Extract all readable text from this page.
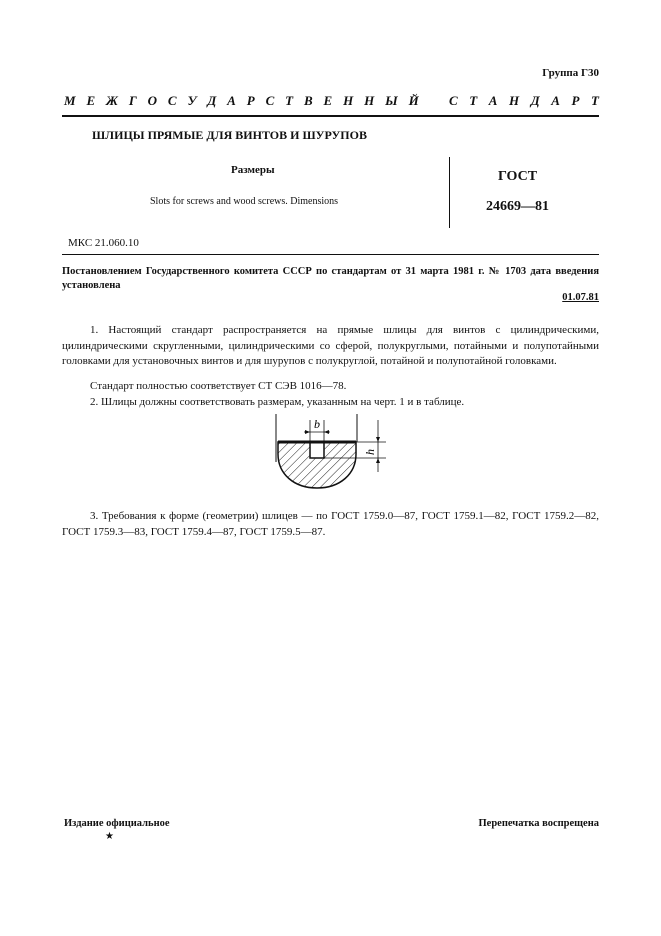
Группа Г30
М Е Ж Г О С У Д А Р С Т В Е Н Н Ы Й С Т А Н Д А Р Т
ШЛИЦЫ ПРЯМЫЕ ДЛЯ ВИНТОВ И ШУРУПОВ
Размеры
Slots for screws and wood screws. Dimensions
ГОСТ
24669—81
МКС 21.060.10
Постановлением Государственного комитета СССР по стандартам от 31 марта 1981 г. № 1703 дата введения установлена
01.07.81

1. Настоящий стандарт распространяется на прямые шлицы для винтов с цилиндрическими, цилиндрическими скругленными, цилиндрическими со сферой, полукруглыми, потайными и полупотайными головками для установочных винтов и для шурупов с полукруглой, потайной и полупотайной головками.

Стандарт полностью соответствует СТ СЭВ 1016—78.

2. Шлицы должны соответствовать размерам, указанным на черт. 1 и в таблице.

b
h

3. Требования к форме (геометрии) шлицев — по ГОСТ 1759.0—87, ГОСТ 1759.1—82, ГОСТ 1759.2—82, ГОСТ 1759.3—83, ГОСТ 1759.4—87, ГОСТ 1759.5—87.

Издание официальное
★
Перепечатка воспрещена
